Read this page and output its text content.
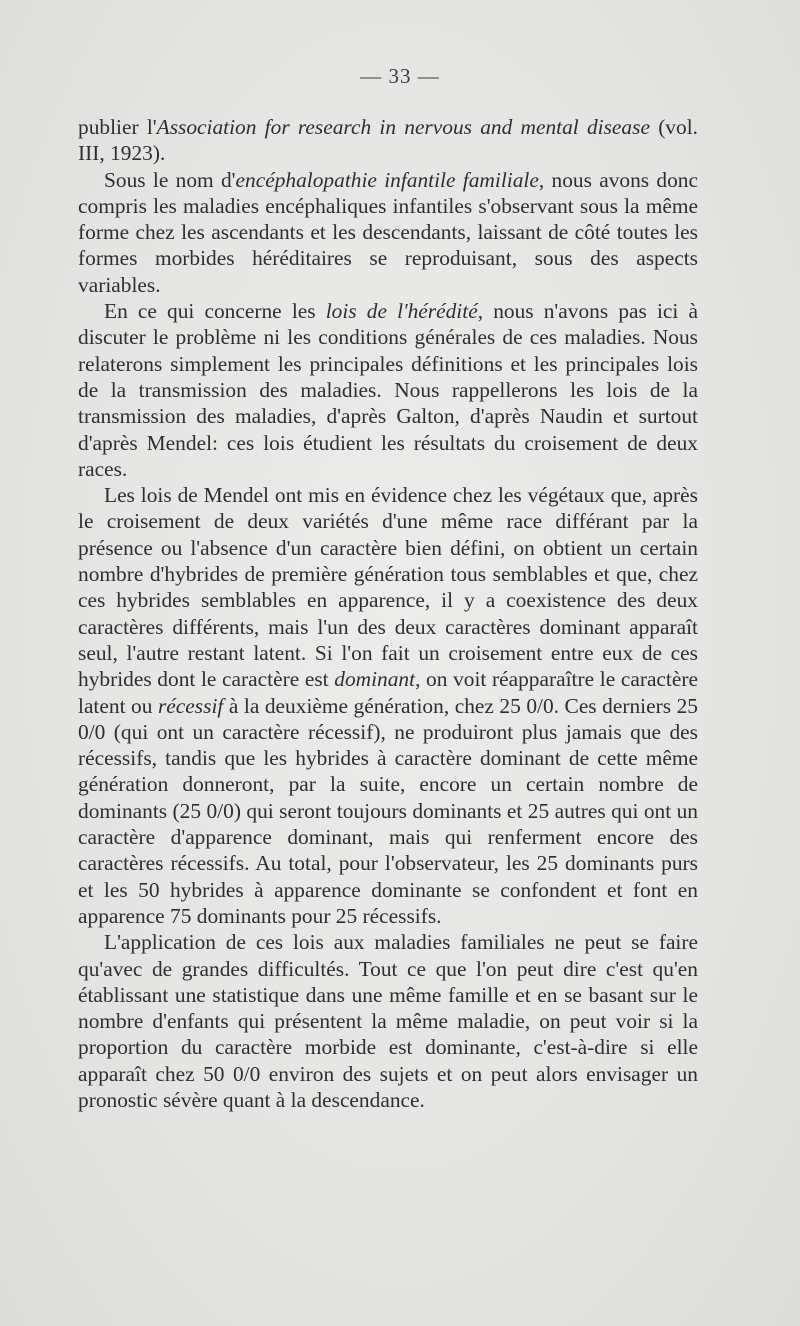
— 33 —

publier l'Association for research in nervous and mental disease (vol. III, 1923).

Sous le nom d'encéphalopathie infantile familiale, nous avons donc compris les maladies encéphaliques infantiles s'observant sous la même forme chez les ascendants et les descendants, laissant de côté toutes les formes morbides héréditaires se reproduisant, sous des aspects variables.

En ce qui concerne les lois de l'hérédité, nous n'avons pas ici à discuter le problème ni les conditions générales de ces maladies. Nous relaterons simplement les principales définitions et les principales lois de la transmission des maladies. Nous rappellerons les lois de la transmission des maladies, d'après Galton, d'après Naudin et surtout d'après Mendel: ces lois étudient les résultats du croisement de deux races.

Les lois de Mendel ont mis en évidence chez les végétaux que, après le croisement de deux variétés d'une même race différant par la présence ou l'absence d'un caractère bien défini, on obtient un certain nombre d'hybrides de première génération tous semblables et que, chez ces hybrides semblables en apparence, il y a coexistence des deux caractères différents, mais l'un des deux caractères dominant apparaît seul, l'autre restant latent. Si l'on fait un croisement entre eux de ces hybrides dont le caractère est dominant, on voit réapparaître le caractère latent ou récessif à la deuxième génération, chez 25 0/0. Ces derniers 25 0/0 (qui ont un caractère récessif), ne produiront plus jamais que des récessifs, tandis que les hybrides à caractère dominant de cette même génération donneront, par la suite, encore un certain nombre de dominants (25 0/0) qui seront toujours dominants et 25 autres qui ont un caractère d'apparence dominant, mais qui renferment encore des caractères récessifs. Au total, pour l'observateur, les 25 dominants purs et les 50 hybrides à apparence dominante se confondent et font en apparence 75 dominants pour 25 récessifs.

L'application de ces lois aux maladies familiales ne peut se faire qu'avec de grandes difficultés. Tout ce que l'on peut dire c'est qu'en établissant une statistique dans une même famille et en se basant sur le nombre d'enfants qui présentent la même maladie, on peut voir si la proportion du caractère morbide est dominante, c'est-à-dire si elle apparaît chez 50 0/0 environ des sujets et on peut alors envisager un pronostic sévère quant à la descendance.
